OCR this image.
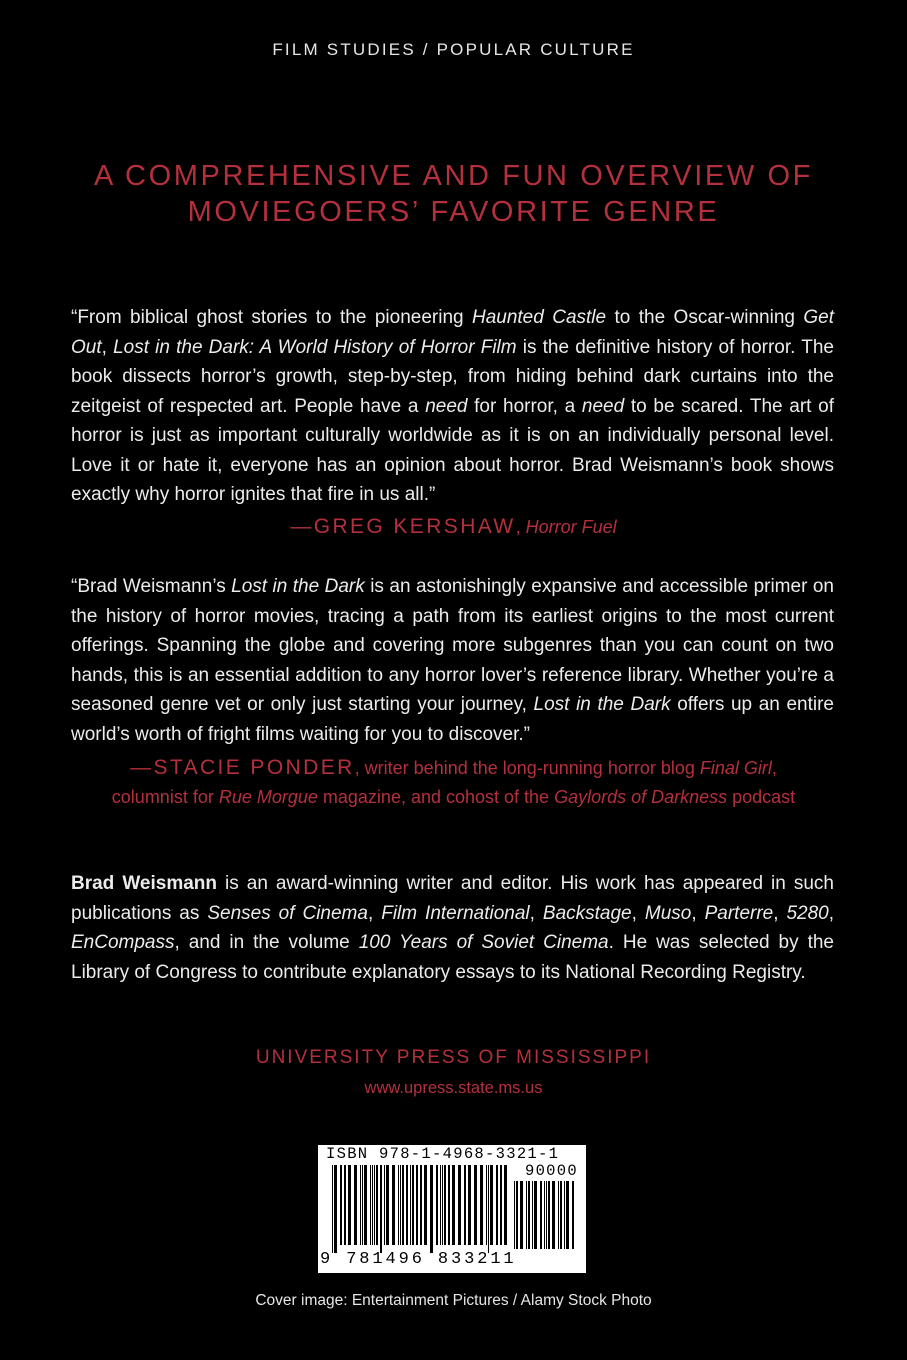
FILM STUDIES / POPULAR CULTURE
A COMPREHENSIVE AND FUN OVERVIEW OF
MOVIEGOERS’ FAVORITE GENRE
“From biblical ghost stories to the pioneering Haunted Castle to the Oscar-winning Get Out, Lost in the Dark: A World History of Horror Film is the definitive history of horror. The book dissects horror’s growth, step-by-step, from hiding behind dark curtains into the zeitgeist of respected art. People have a need for horror, a need to be scared. The art of horror is just as important culturally worldwide as it is on an individually personal level. Love it or hate it, everyone has an opinion about horror. Brad Weismann’s book shows exactly why horror ignites that fire in us all.”
—GREG KERSHAW, Horror Fuel
“Brad Weismann’s Lost in the Dark is an astonishingly expansive and accessible primer on the history of horror movies, tracing a path from its earliest origins to the most current offerings. Spanning the globe and covering more subgenres than you can count on two hands, this is an essential addition to any horror lover’s reference library. Whether you’re a seasoned genre vet or only just starting your journey, Lost in the Dark offers up an entire world’s worth of fright films waiting for you to discover.”
—STACIE PONDER, writer behind the long-running horror blog Final Girl, columnist for Rue Morgue magazine, and cohost of the Gaylords of Darkness podcast
Brad Weismann is an award-winning writer and editor. His work has appeared in such publications as Senses of Cinema, Film International, Backstage, Muso, Parterre, 5280, EnCompass, and in the volume 100 Years of Soviet Cinema. He was selected by the Library of Congress to contribute explanatory essays to its National Recording Registry.
UNIVERSITY PRESS OF MISSISSIPPI
www.upress.state.ms.us
ISBN 978-1-4968-3321-1
90000
9 781496 833211
Cover image: Entertainment Pictures / Alamy Stock Photo
